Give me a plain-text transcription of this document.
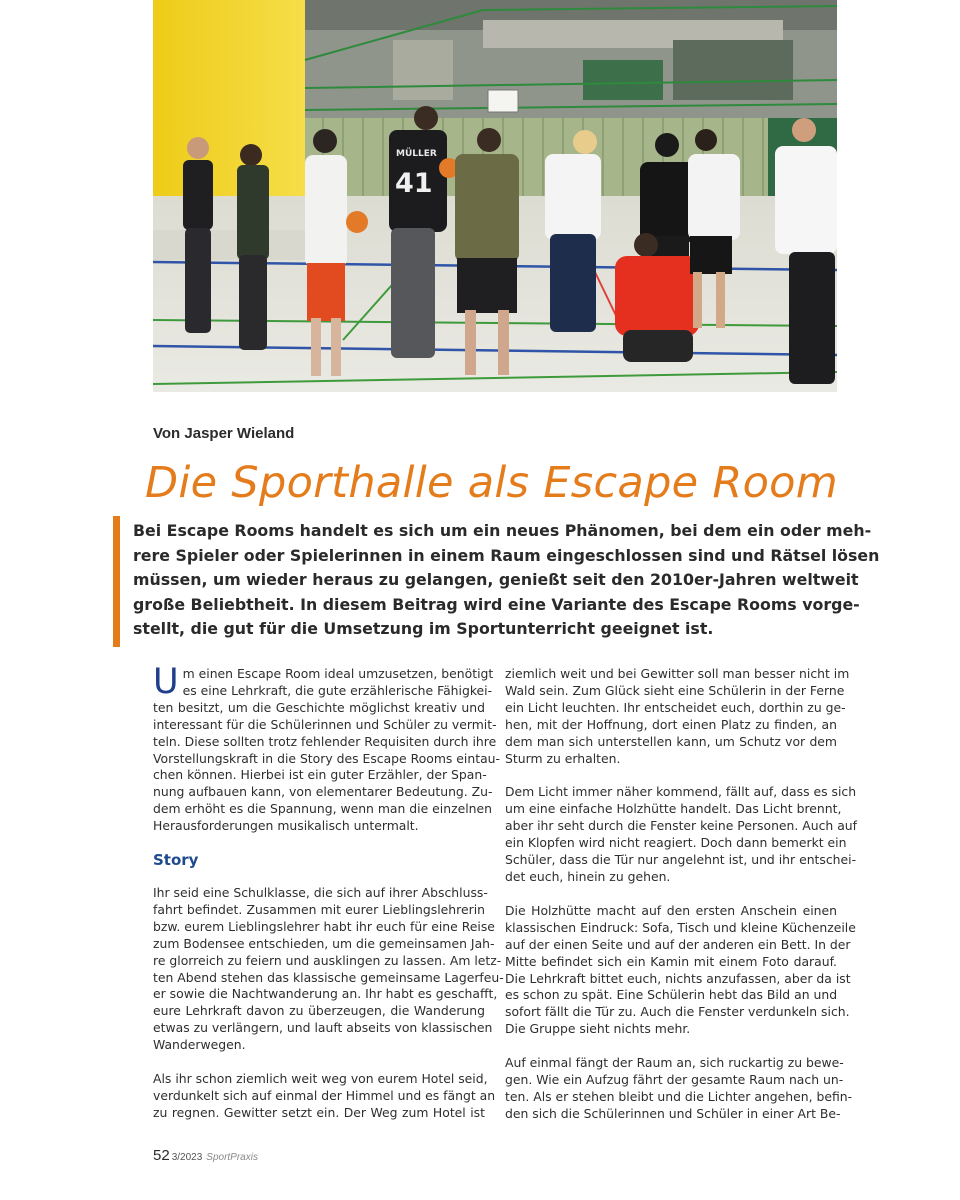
MÜLLER
41
Von Jasper Wieland
Die Sporthalle als Escape Room
Bei Escape Rooms handelt es sich um ein neues Phänomen, bei dem ein oder meh-
rere Spieler oder Spielerinnen in einem Raum eingeschlossen sind und Rätsel lösen
müssen, um wieder heraus zu gelangen, genießt seit den 2010er-Jahren weltweit
große Beliebtheit. In diesem Beitrag wird eine Variante des Escape Rooms vorge-
stellt, die gut für die Umsetzung im Sportunterricht geeignet ist.
U m einen Escape Room ideal umzusetzen, benötigt
es eine Lehrkraft, die gute erzählerische Fähigkei-
ten besitzt, um die Geschichte möglichst kreativ und
interessant für die Schülerinnen und Schüler zu vermit-
teln. Diese sollten trotz fehlender Requisiten durch ihre
Vorstellungskraft in die Story des Escape Rooms eintau-
chen können. Hierbei ist ein guter Erzähler, der Span-
nung aufbauen kann, von elementarer Bedeutung. Zu-
dem erhöht es die Spannung, wenn man die einzelnen
Herausforderungen musikalisch untermalt.
Story
Ihr seid eine Schulklasse, die sich auf ihrer Abschluss-
fahrt befindet. Zusammen mit eurer Lieblingslehrerin
bzw. eurem Lieblingslehrer habt ihr euch für eine Reise
zum Bodensee entschieden, um die gemeinsamen Jah-
re glorreich zu feiern und ausklingen zu lassen. Am letz-
ten Abend stehen das klassische gemeinsame Lagerfeu-
er sowie die Nachtwanderung an. Ihr habt es geschafft,
eure Lehrkraft davon zu überzeugen, die Wanderung
etwas zu verlängern, und lauft abseits von klassischen
Wanderwegen.
Als ihr schon ziemlich weit weg von eurem Hotel seid,
verdunkelt sich auf einmal der Himmel und es fängt an
zu regnen. Gewitter setzt ein. Der Weg zum Hotel ist
ziemlich weit und bei Gewitter soll man besser nicht im
Wald sein. Zum Glück sieht eine Schülerin in der Ferne
ein Licht leuchten. Ihr entscheidet euch, dorthin zu ge-
hen, mit der Hoffnung, dort einen Platz zu finden, an
dem man sich unterstellen kann, um Schutz vor dem
Sturm zu erhalten.
Dem Licht immer näher kommend, fällt auf, dass es sich
um eine einfache Holzhütte handelt. Das Licht brennt,
aber ihr seht durch die Fenster keine Personen. Auch auf
ein Klopfen wird nicht reagiert. Doch dann bemerkt ein
Schüler, dass die Tür nur angelehnt ist, und ihr entschei-
det euch, hinein zu gehen.
Die Holzhütte macht auf den ersten Anschein einen
klassischen Eindruck: Sofa, Tisch und kleine Küchenzeile
auf der einen Seite und auf der anderen ein Bett. In der
Mitte befindet sich ein Kamin mit einem Foto darauf.
Die Lehrkraft bittet euch, nichts anzufassen, aber da ist
es schon zu spät. Eine Schülerin hebt das Bild an und
sofort fällt die Tür zu. Auch die Fenster verdunkeln sich.
Die Gruppe sieht nichts mehr.
Auf einmal fängt der Raum an, sich ruckartig zu bewe-
gen. Wie ein Aufzug fährt der gesamte Raum nach un-
ten. Als er stehen bleibt und die Lichter angehen, befin-
den sich die Schülerinnen und Schüler in einer Art Be-
52 3/2023 SportPraxis
